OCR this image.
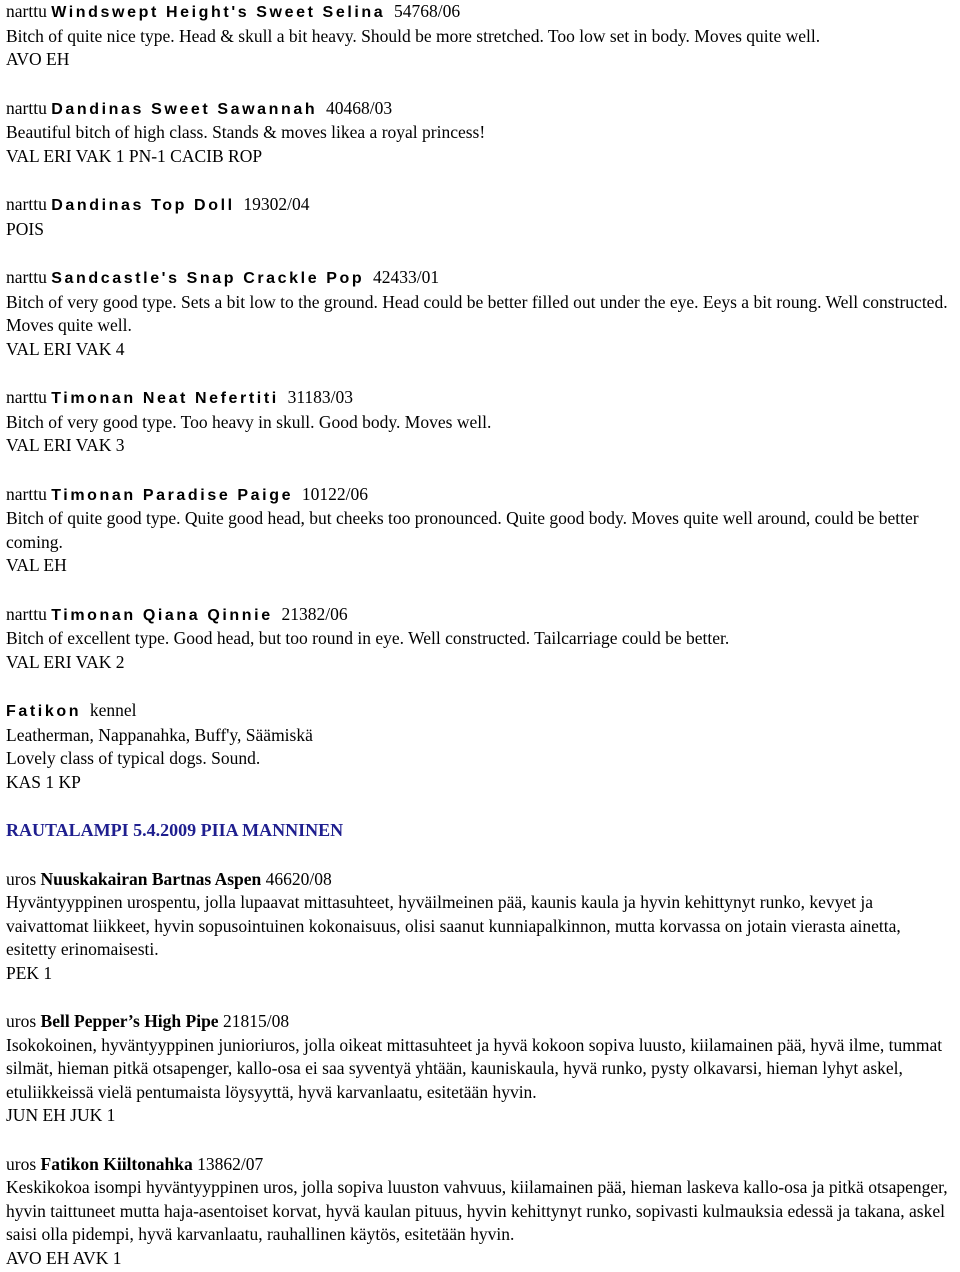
narttu Windswept Height's Sweet Selina 54768/06

Bitch of quite nice type. Head & skull a bit heavy. Should be more stretched. Too low set in body. Moves quite well.

AVO EH

narttu Dandinas Sweet Sawannah 40468/03

Beautiful bitch of high class. Stands & moves likea a royal princess!

VAL ERI VAK 1 PN-1 CACIB ROP

narttu Dandinas Top Doll 19302/04

POIS

narttu Sandcastle's Snap Crackle Pop 42433/01

Bitch of very good type. Sets a bit low to the ground. Head could be better filled out under the eye. Eeys a bit roung. Well constructed. Moves quite well.

VAL ERI VAK 4

narttu Timonan Neat Nefertiti 31183/03

Bitch of very good type. Too heavy in skull. Good body. Moves well.

VAL ERI VAK 3

narttu Timonan Paradise Paige 10122/06

Bitch of quite good type. Quite good head, but cheeks too pronounced. Quite good body. Moves quite well around, could be better coming.

VAL EH

narttu Timonan Qiana Qinnie 21382/06

Bitch of excellent type. Good head, but too round in eye. Well constructed. Tailcarriage could be better.

VAL ERI VAK 2

Fatikon kennel

Leatherman, Nappanahka, Buff'y, Säämiskä

Lovely class of typical dogs. Sound.

KAS 1 KP

RAUTALAMPI 5.4.2009 PIIA MANNINEN

uros Nuuskakairan Bartnas Aspen 46620/08

Hyväntyyppinen urospentu, jolla lupaavat mittasuhteet, hyväilmeinen pää, kaunis kaula ja hyvin kehittynyt runko, kevyet ja vaivattomat liikkeet, hyvin sopusointuinen kokonaisuus, olisi saanut kunniapalkinnon, mutta korvassa on jotain vierasta ainetta, esitetty erinomaisesti.

PEK 1

uros Bell Pepper’s High Pipe 21815/08

Isokokoinen, hyväntyyppinen junioriuros, jolla oikeat mittasuhteet ja hyvä kokoon sopiva luusto, kiilamainen pää, hyvä ilme, tummat silmät, hieman pitkä otsapenger, kallo-osa ei saa syventyä yhtään, kauniskaula, hyvä runko, pysty olkavarsi, hieman lyhyt askel, etuliikkeissä vielä pentumaista löysyyttä, hyvä karvanlaatu, esitetään hyvin.

JUN EH JUK 1

uros Fatikon Kiiltonahka 13862/07

Keskikokoa isompi hyväntyyppinen uros, jolla sopiva luuston vahvuus, kiilamainen pää, hieman laskeva kallo-osa ja pitkä otsapenger, hyvin taittuneet mutta haja-asentoiset korvat, hyvä kaulan pituus, hyvin kehittynyt runko, sopivasti kulmauksia edessä ja takana, askel saisi olla pidempi, hyvä karvanlaatu, rauhallinen käytös, esitetään hyvin.

AVO EH AVK 1
